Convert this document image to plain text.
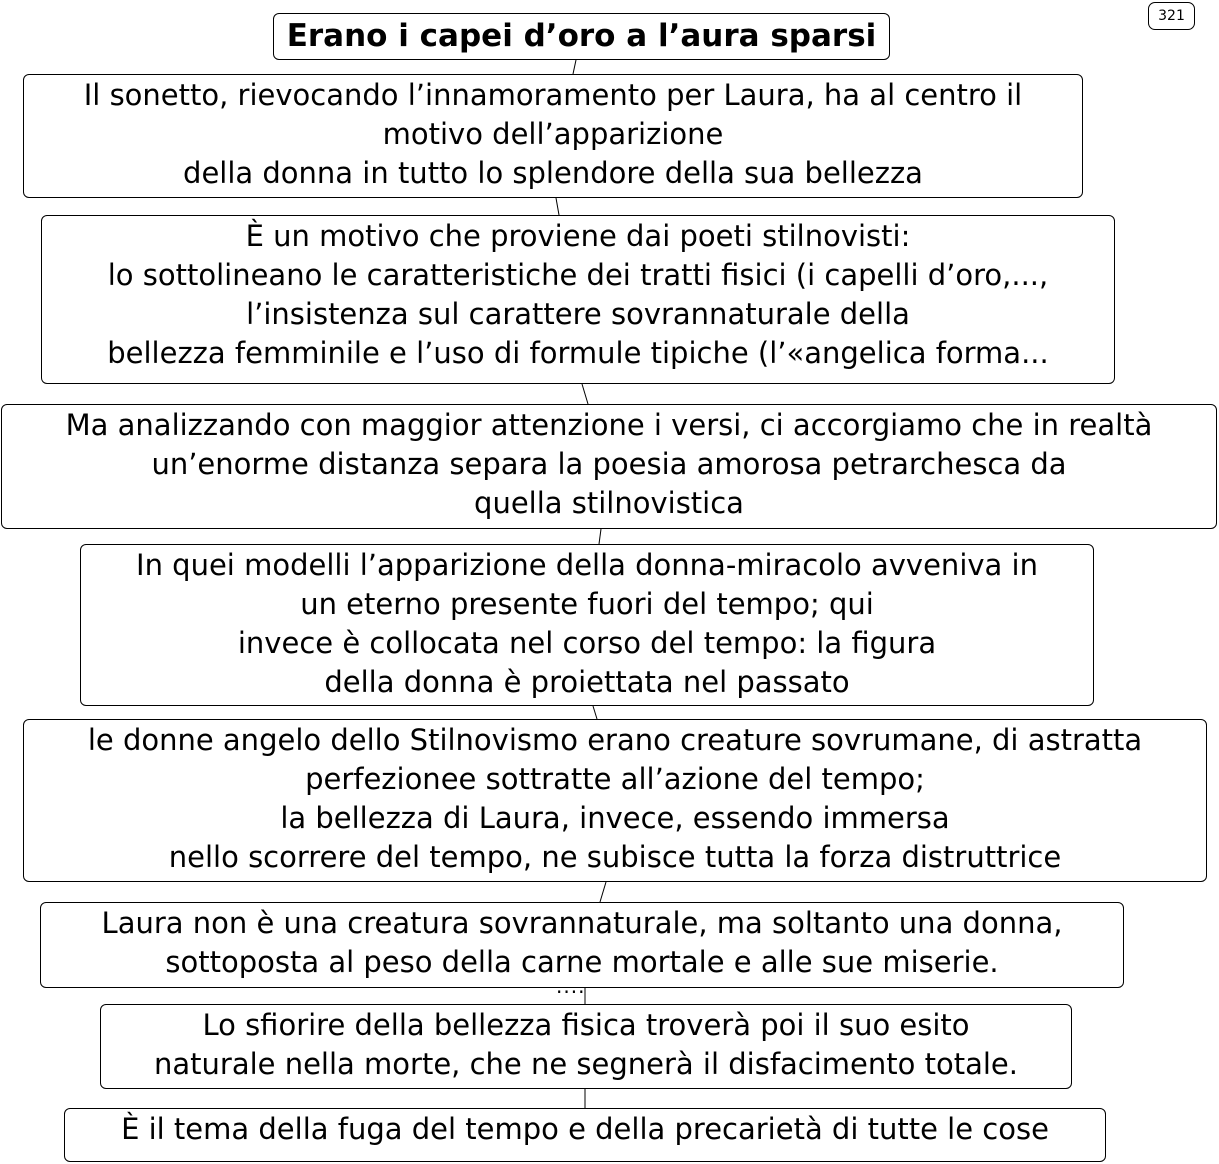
321
Erano i capei d’oro a l’aura sparsi
Il sonetto, rievocando l’innamoramento per Laura, ha al centro il
motivo dell’apparizione
della donna in tutto lo splendore della sua bellezza
È un motivo che proviene dai poeti stilnovisti:
lo sottolineano le caratteristiche dei tratti fisici (i capelli d’oro,...,
l’insistenza sul carattere sovrannaturale della
bellezza femminile e l’uso di formule tipiche (l’«angelica forma...
Ma analizzando con maggior attenzione i versi, ci accorgiamo che in realtà
un’enorme distanza separa la poesia amorosa petrarchesca da
quella stilnovistica
In quei modelli l’apparizione della donna-miracolo avveniva in
un eterno presente fuori del tempo; qui
invece è collocata nel corso del tempo: la figura
della donna è proiettata nel passato
le donne angelo dello Stilnovismo erano creature sovrumane, di astratta
perfezionee sottratte all’azione del tempo;
la bellezza di Laura, invece, essendo immersa
nello scorrere del tempo, ne subisce tutta la forza distruttrice
Laura non è una creatura sovrannaturale, ma soltanto una donna,
sottoposta al peso della carne mortale e alle sue miserie.
....
Lo sfiorire della bellezza fisica troverà poi il suo esito
naturale nella morte, che ne segnerà il disfacimento totale.
È il tema della fuga del tempo e della precarietà di tutte le cose
